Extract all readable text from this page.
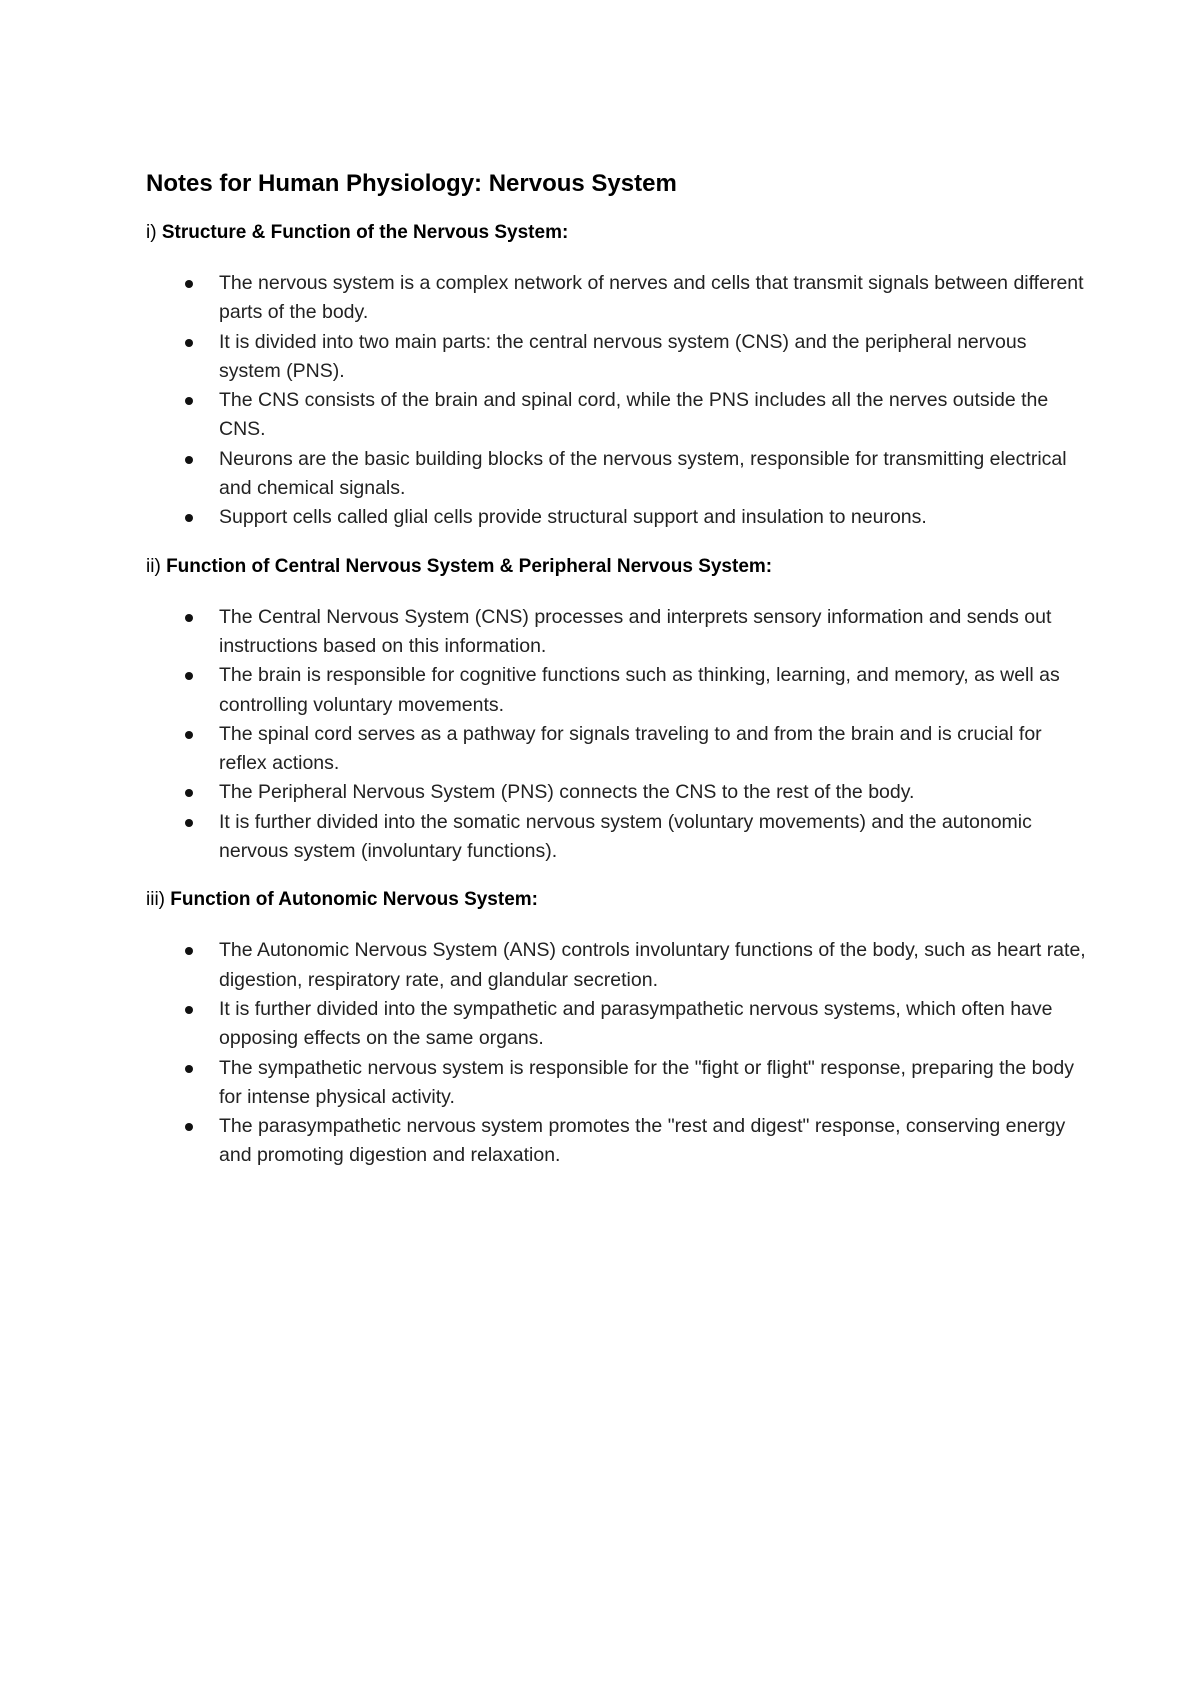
Notes for Human Physiology: Nervous System

i) Structure & Function of the Nervous System:

The nervous system is a complex network of nerves and cells that transmit signals between different parts of the body.
It is divided into two main parts: the central nervous system (CNS) and the peripheral nervous system (PNS).
The CNS consists of the brain and spinal cord, while the PNS includes all the nerves outside the CNS.
Neurons are the basic building blocks of the nervous system, responsible for transmitting electrical and chemical signals.
Support cells called glial cells provide structural support and insulation to neurons.

ii) Function of Central Nervous System & Peripheral Nervous System:

The Central Nervous System (CNS) processes and interprets sensory information and sends out instructions based on this information.
The brain is responsible for cognitive functions such as thinking, learning, and memory, as well as controlling voluntary movements.
The spinal cord serves as a pathway for signals traveling to and from the brain and is crucial for reflex actions.
The Peripheral Nervous System (PNS) connects the CNS to the rest of the body.
It is further divided into the somatic nervous system (voluntary movements) and the autonomic nervous system (involuntary functions).

iii) Function of Autonomic Nervous System:

The Autonomic Nervous System (ANS) controls involuntary functions of the body, such as heart rate, digestion, respiratory rate, and glandular secretion.
It is further divided into the sympathetic and parasympathetic nervous systems, which often have opposing effects on the same organs.
The sympathetic nervous system is responsible for the "fight or flight" response, preparing the body for intense physical activity.
The parasympathetic nervous system promotes the "rest and digest" response, conserving energy and promoting digestion and relaxation.
